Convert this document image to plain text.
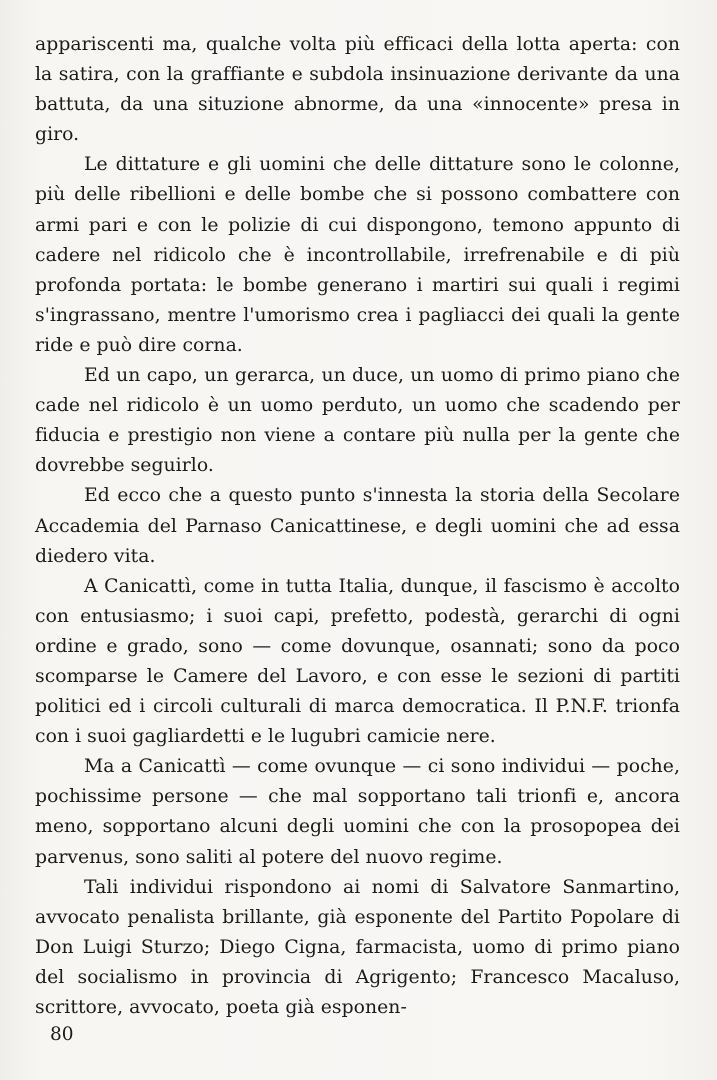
appariscenti ma, qualche volta più efficaci della lotta aperta: con la satira, con la graffiante e subdola insinuazione derivante da una battuta, da una situzione abnorme, da una «innocente» presa in giro.

Le dittature e gli uomini che delle dittature sono le colonne, più delle ribellioni e delle bombe che si possono combattere con armi pari e con le polizie di cui dispongono, temono appunto di cadere nel ridicolo che è incontrollabile, irrefrenabile e di più profonda portata: le bombe generano i martiri sui quali i regimi s'ingrassano, mentre l'umorismo crea i pagliacci dei quali la gente ride e può dire corna.

Ed un capo, un gerarca, un duce, un uomo di primo piano che cade nel ridicolo è un uomo perduto, un uomo che scadendo per fiducia e prestigio non viene a contare più nulla per la gente che dovrebbe seguirlo.

Ed ecco che a questo punto s'innesta la storia della Secolare Accademia del Parnaso Canicattinese, e degli uomini che ad essa diedero vita.

A Canicattì, come in tutta Italia, dunque, il fascismo è accolto con entusiasmo; i suoi capi, prefetto, podestà, gerarchi di ogni ordine e grado, sono — come dovunque, osannati; sono da poco scomparse le Camere del Lavoro, e con esse le sezioni di partiti politici ed i circoli culturali di marca democratica. Il P.N.F. trionfa con i suoi gagliardetti e le lugubri camicie nere.

Ma a Canicattì — come ovunque — ci sono individui — poche, pochissime persone — che mal sopportano tali trionfi e, ancora meno, sopportano alcuni degli uomini che con la prosopopea dei parvenus, sono saliti al potere del nuovo regime.

Tali individui rispondono ai nomi di Salvatore Sanmartino, avvocato penalista brillante, già esponente del Partito Popolare di Don Luigi Sturzo; Diego Cigna, farmacista, uomo di primo piano del socialismo in provincia di Agrigento; Francesco Macaluso, scrittore, avvocato, poeta già esponen-

80
